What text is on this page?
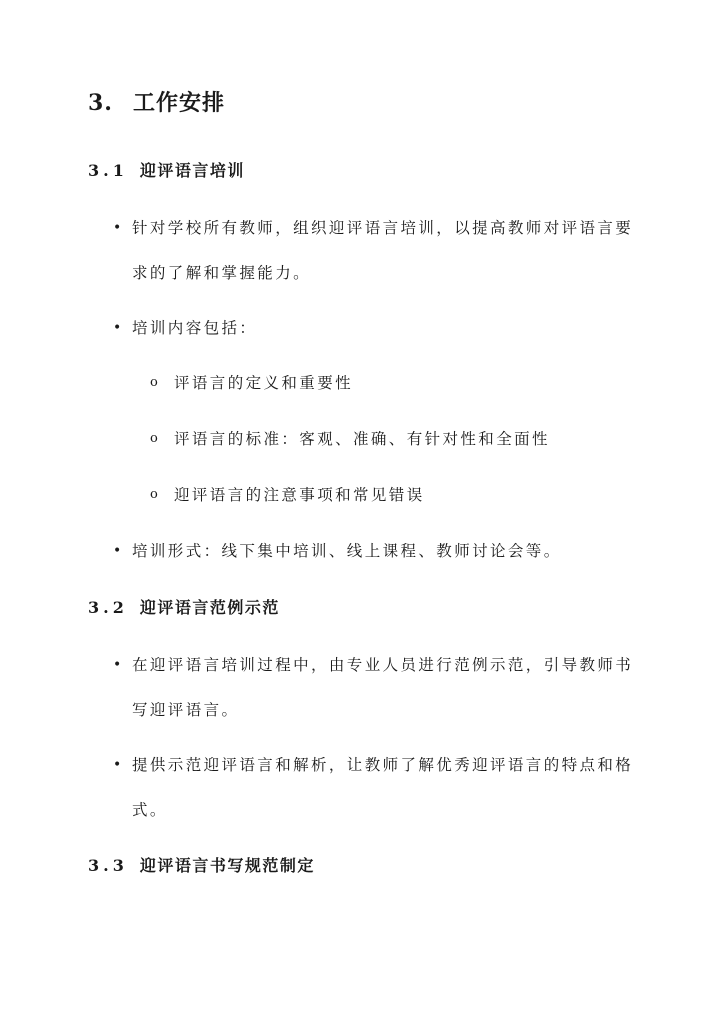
3. 工作安排
3.1 迎评语言培训
• 针对学校所有教师，组织迎评语言培训，以提高教师对评语言要求的了解和掌握能力。
• 培训内容包括：
o 评语言的定义和重要性
o 评语言的标准：客观、准确、有针对性和全面性
o 迎评语言的注意事项和常见错误
• 培训形式：线下集中培训、线上课程、教师讨论会等。
3.2 迎评语言范例示范
• 在迎评语言培训过程中，由专业人员进行范例示范，引导教师书写迎评语言。
• 提供示范迎评语言和解析，让教师了解优秀迎评语言的特点和格式。
3.3 迎评语言书写规范制定
